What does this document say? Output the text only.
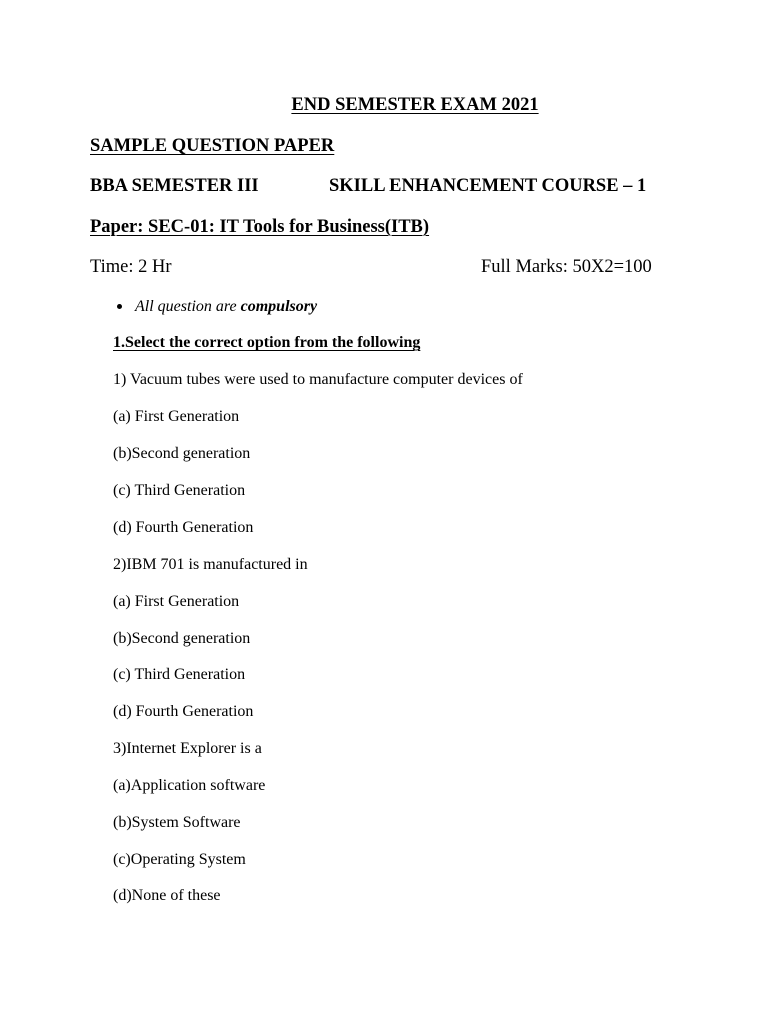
END SEMESTER EXAM 2021
SAMPLE QUESTION PAPER
BBA SEMESTER III	SKILL ENHANCEMENT COURSE – 1
Paper: SEC-01: IT Tools for Business(ITB)
Time: 2 Hr	Full Marks: 50X2=100
All question are compulsory
1.Select the correct option from the following
1) Vacuum tubes were used to manufacture computer devices of
(a) First Generation
(b)Second generation
(c) Third Generation
(d) Fourth Generation
2)IBM 701 is manufactured in
(a) First Generation
(b)Second generation
(c) Third Generation
(d) Fourth Generation
3)Internet Explorer is a
(a)Application software
(b)System Software
(c)Operating System
(d)None of these
